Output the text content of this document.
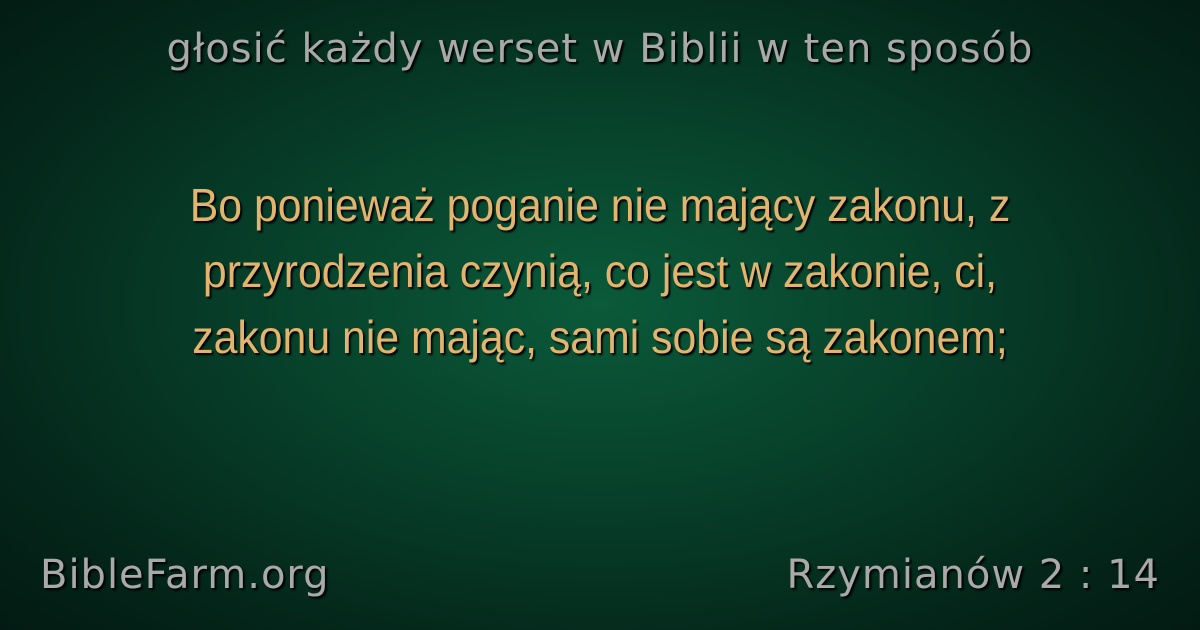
głosić każdy werset w Biblii w ten sposób
Bo ponieważ poganie nie mający zakonu, z
przyrodzenia czynią, co jest w zakonie, ci,
zakonu nie mając, sami sobie są zakonem;
BibleFarm.org	Rzymianów 2 : 14
